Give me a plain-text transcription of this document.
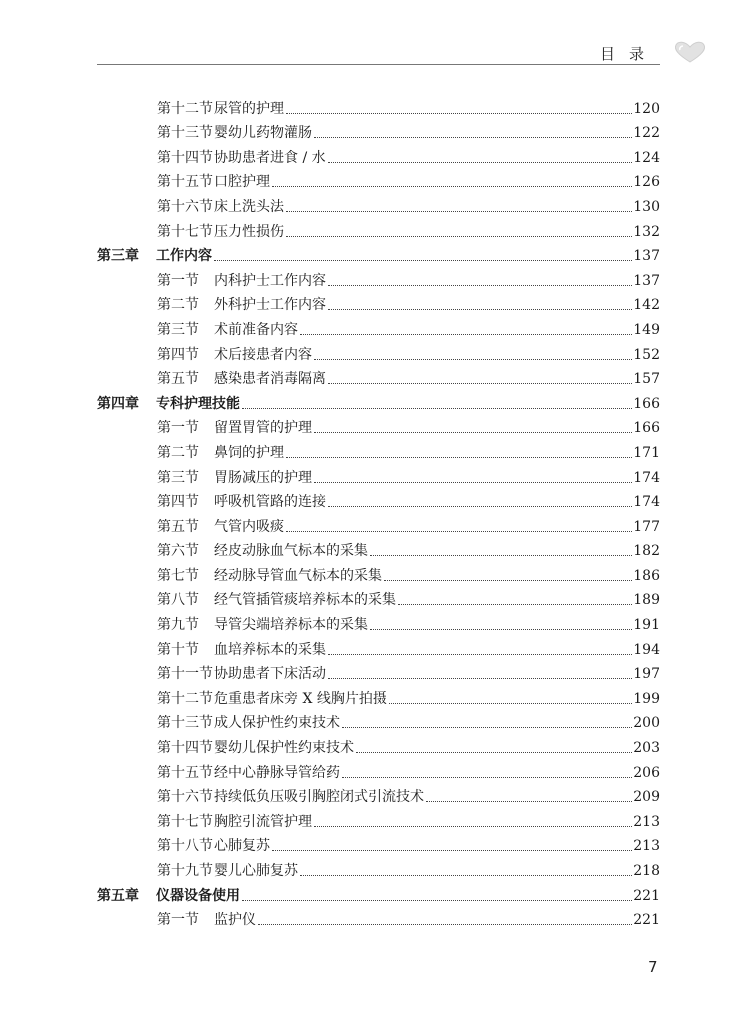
目录
第十二节 尿管的护理	120
第十三节 婴幼儿药物灌肠	122
第十四节 协助患者进食 / 水	124
第十五节 口腔护理	126
第十六节 床上洗头法	130
第十七节 压力性损伤	132
第三章	工作内容	137
第一节	内科护士工作内容	137
第二节	外科护士工作内容	142
第三节	术前准备内容	149
第四节	术后接患者内容	152
第五节	感染患者消毒隔离	157
第四章	专科护理技能	166
第一节	留置胃管的护理	166
第二节	鼻饲的护理	171
第三节	胃肠减压的护理	174
第四节	呼吸机管路的连接	174
第五节	气管内吸痰	177
第六节	经皮动脉血气标本的采集	182
第七节	经动脉导管血气标本的采集	186
第八节	经气管插管痰培养标本的采集	189
第九节	导管尖端培养标本的采集	191
第十节	血培养标本的采集	194
第十一节 协助患者下床活动	197
第十二节 危重患者床旁 X 线胸片拍摄	199
第十三节 成人保护性约束技术	200
第十四节 婴幼儿保护性约束技术	203
第十五节 经中心静脉导管给药	206
第十六节 持续低负压吸引胸腔闭式引流技术	209
第十七节 胸腔引流管护理	213
第十八节 心肺复苏	213
第十九节 婴儿心肺复苏	218
第五章	仪器设备使用	221
第一节	监护仪	221
7
